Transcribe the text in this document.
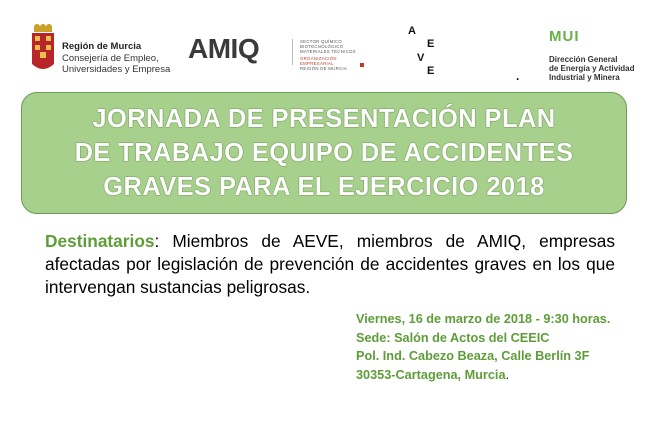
Región de Murcia
Consejería de Empleo,
Universidades y Empresa
AMIQ	SECTOR QUÍMICO
BIOTECNOLÓGICO
MATERIALES TÉCNICOS
ORGANIZACIÓN EMPRESARIAL
REGIÓN DE MURCIA
A
E
V
E	.
MUI
Dirección General
de Energía y Actividad
Industrial y Minera
JORNADA DE PRESENTACIÓN PLAN
DE TRABAJO EQUIPO DE ACCIDENTES
GRAVES PARA EL EJERCICIO 2018
Destinatarios: Miembros de AEVE, miembros de AMIQ, empresas afectadas por legislación de prevención de accidentes graves en los que intervengan sustancias peligrosas.
Viernes, 16 de marzo de 2018 - 9:30 horas.
Sede: Salón de Actos del CEEIC
Pol. Ind. Cabezo Beaza, Calle Berlín 3F
30353-Cartagena, Murcia.
